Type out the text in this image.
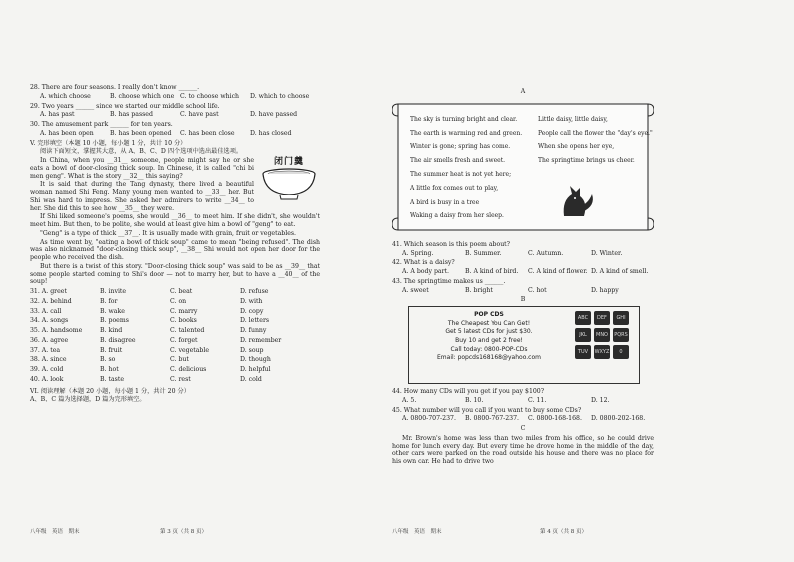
28. There are four seasons. I really don't know ______.
A. which choose	B. choose which one C. to choose which	D. which to choose
29. Two years ______ since we started our middle school life.
A. has past	B. has passed	C. have past	D. have passed
30. The amusement park ______ for ten years.
A. has been open	B. has been opened	C. has been close	D. has closed
V. 完形填空（本题 10 小题，每小题 1 分，共计 10 分）
阅读下面短文，掌握其大意，从 A、B、C、D 四个选项中选出最佳选项。
闭门羹
In China, when you __31__ someone, people might say he or she eats a bowl of door-closing thick soup. In Chinese, it is called "chi bi men geng". What is the story __32__ this saying?
It is said that during the Tang dynasty, there lived a beautiful woman named Shi Feng. Many young men wanted to __33__ her. But Shi was hard to impress. She asked her admirers to write __34__ to her. She did this to see how __35__ they were.
If Shi liked someone's poems, she would __36__ to meet him. If she didn't, she wouldn't meet him. But then, to be polite, she would at least give him a bowl of "geng" to eat.
"Geng" is a type of thick __37__. It is usually made with grain, fruit or vegetables.
As time went by, "eating a bowl of thick soup" came to mean "being refused". The dish was also nicknamed "door-closing thick soup", __38__ Shi would not open her door for the people who received the dish.
But there is a twist of this story. "Door-closing thick soup" was said to be as __39__ that some people started coming to Shi's door — not to marry her, but to have a __40__ of the soup!
31. A. greet	B. invite	C. beat	D. refuse
32. A. behind	B. for	C. on	D. with
33. A. call	B. wake	C. marry	D. copy
34. A. songs	B. poems	C. books	D. letters
35. A. handsome	B. kind	C. talented	D. funny
36. A. agree	B. disagree	C. forget	D. remember
37. A. tea	B. fruit	C. vegetable	D. soup
38. A. since	B. so	C. but	D. though
39. A. cold	B. hot	C. delicious	D. helpful
40. A. look	B. taste	C. rest	D. cold
VI. 阅读理解（本题 20 小题，每小题 1 分，共计 20 分）
A、B、C 篇为选择题，D 篇为完形填空。
八年级　英语　期末	第 3 页（共 8 页）
A
The sky is turning bright and clear.
The earth is warming red and green.
Winter is gone; spring has come.
The air smells fresh and sweet.
The summer heat is not yet here;
A little fox comes out to play,
A bird is busy in a tree
Waking a daisy from her sleep.
Little daisy, little daisy,
People call the flower the "day's eye."
When she opens her eye,
The springtime brings us cheer.
41. Which season is this poem about?
A. Spring.	B. Summer.	C. Autumn.	D. Winter.
42. What is a daisy?
A. A body part.	B. A kind of bird.	C. A kind of flower. D. A kind of smell.
43. The springtime makes us ______.
A. sweet	B. bright	C. hot	D. happy
B
POP CDS
The Cheapest You Can Get!
Get 5 latest CDs for just $30.
Buy 10 and get 2 free!
Call today: 0800-POP-CDs
Email: popcds168168@yahoo.com
ABC	DEF	GHI
JKL	MNO	PQRS
TUV	WXYZ	0
44. How many CDs will you get if you pay $100?
A. 5.	B. 10.	C. 11.	D. 12.
45. What number will you call if you want to buy some CDs?
A. 0800-707-237.	B. 0800-767-237.	C. 0800-168-168.	D. 0800-202-168.
C
Mr. Brown's home was less than two miles from his office, so he could drive home for lunch every day. But every time he drove home in the middle of the day, other cars were parked on the road outside his house and there was no place for his own car. He had to drive two
八年级　英语　期末	第 4 页（共 8 页）
